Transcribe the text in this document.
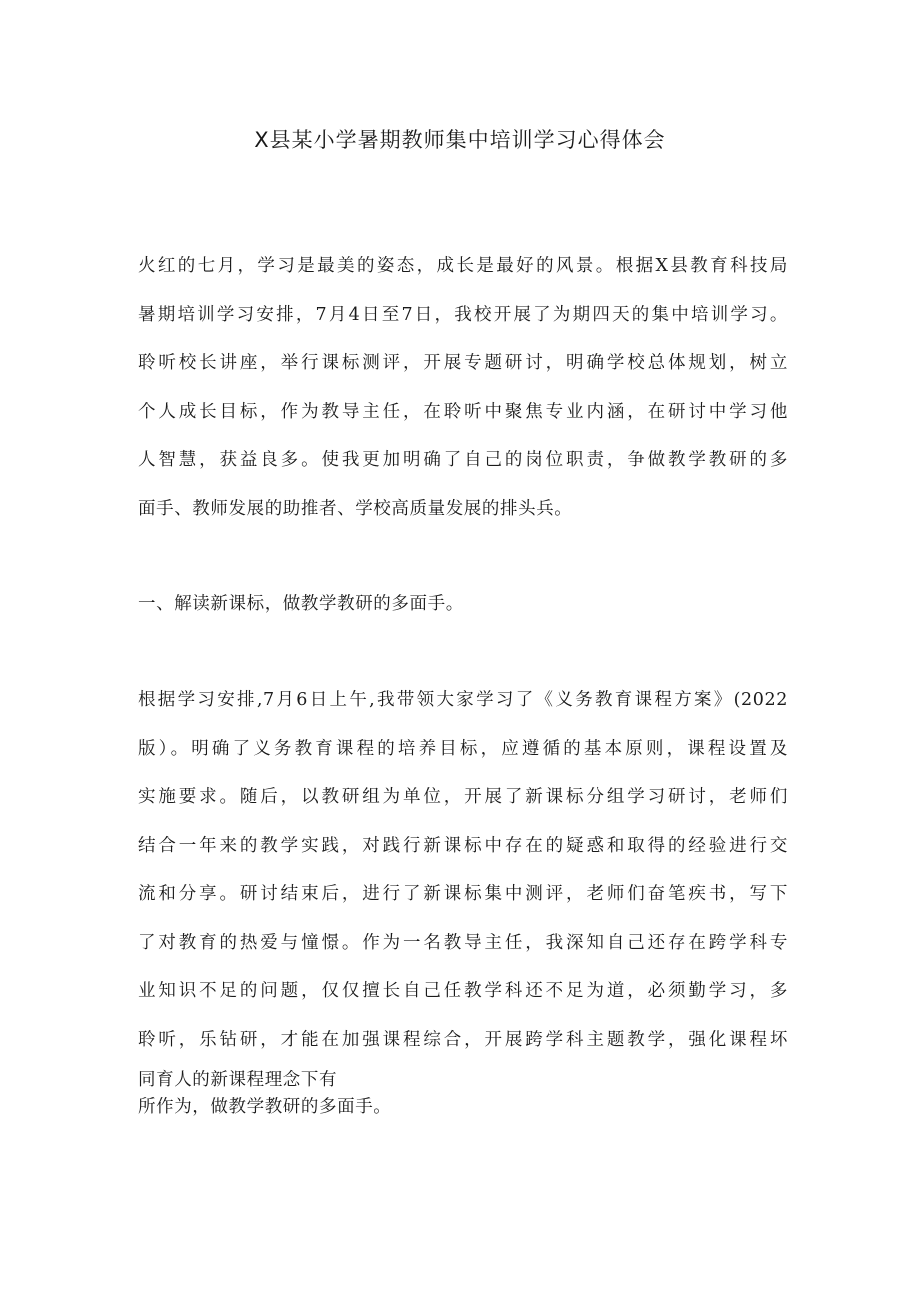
X县某小学暑期教师集中培训学习心得体会
火红的七月，学习是最美的姿态，成长是最好的风景。根据X县教育科技局
暑期培训学习安排，7月4日至7日，我校开展了为期四天的集中培训学习。
聆听校长讲座，举行课标测评，开展专题研讨，明确学校总体规划，树立
个人成长目标，作为教导主任，在聆听中聚焦专业内涵，在研讨中学习他
人智慧，获益良多。使我更加明确了自己的岗位职责，争做教学教研的多
面手、教师发展的助推者、学校高质量发展的排头兵。
一、解读新课标，做教学教研的多面手。
根据学习安排,7月6日上午,我带领大家学习了《义务教育课程方案》(2022
版）。明确了义务教育课程的培养目标，应遵循的基本原则，课程设置及
实施要求。随后，以教研组为单位，开展了新课标分组学习研讨，老师们
结合一年来的教学实践，对践行新课标中存在的疑惑和取得的经验进行交
流和分享。研讨结束后，进行了新课标集中测评，老师们奋笔疾书，写下
了对教育的热爱与憧憬。作为一名教导主任，我深知自己还存在跨学科专
业知识不足的问题，仅仅擅长自己任教学科还不足为道，必须勤学习，多
聆听，乐钻研，才能在加强课程综合，开展跨学科主题教学，强化课程坏
同育人的新课程理念下有
所作为，做教学教研的多面手。
